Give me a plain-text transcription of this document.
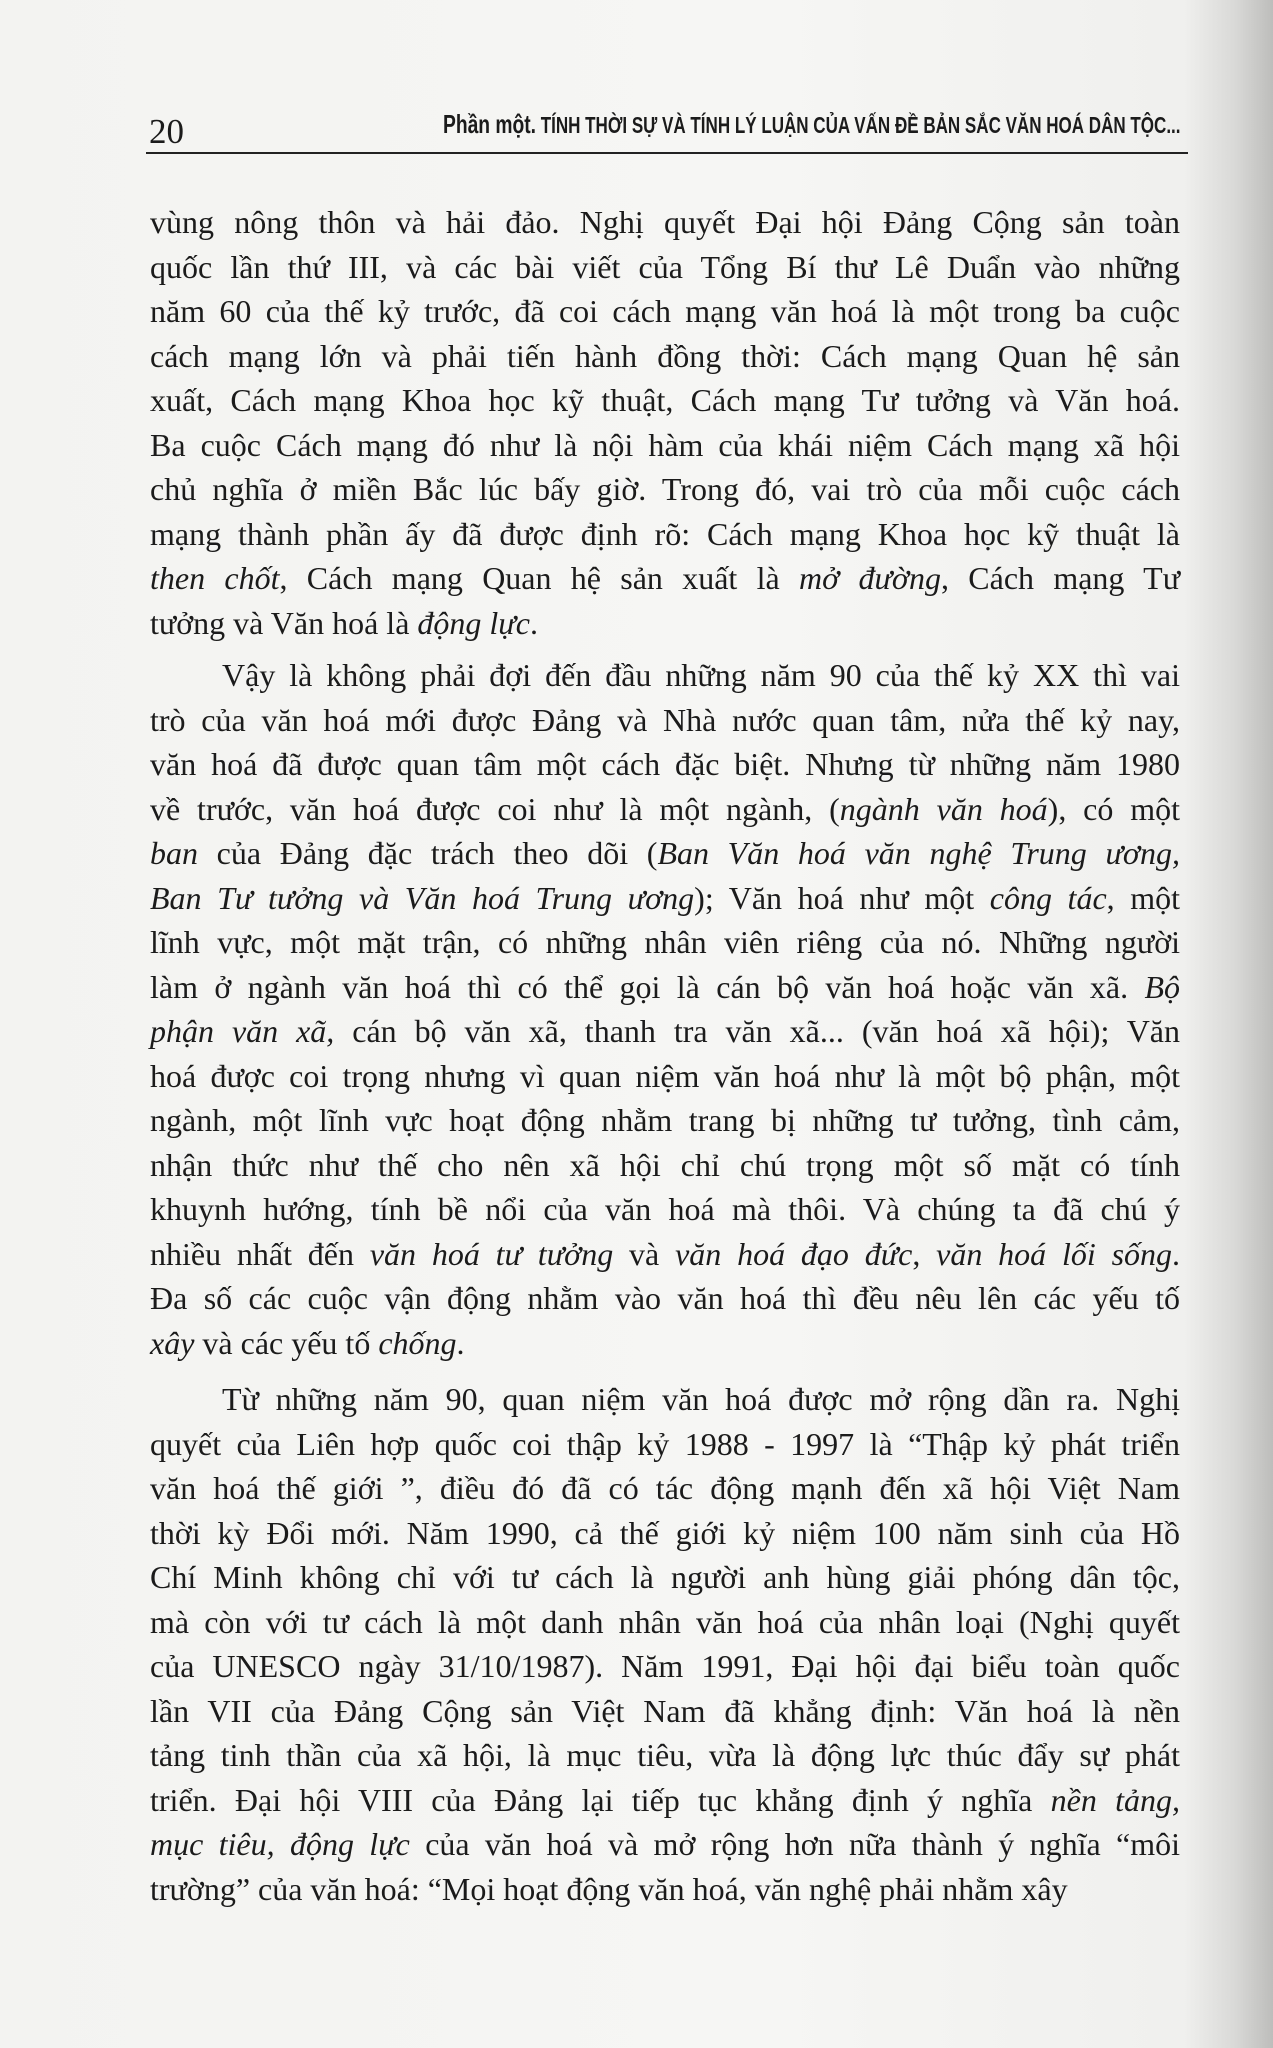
20	Phần một. TÍNH THỜI SỰ VÀ TÍNH LÝ LUẬN CỦA VẤN ĐỀ BẢN SẮC VĂN HOÁ DÂN TỘC...
vùng nông thôn và hải đảo. Nghị quyết Đại hội Đảng Cộng sản toàn
quốc lần thứ III, và các bài viết của Tổng Bí thư Lê Duẩn vào những
năm 60 của thế kỷ trước, đã coi cách mạng văn hoá là một trong ba cuộc
cách mạng lớn và phải tiến hành đồng thời: Cách mạng Quan hệ sản
xuất, Cách mạng Khoa học kỹ thuật, Cách mạng Tư tưởng và Văn hoá.
Ba cuộc Cách mạng đó như là nội hàm của khái niệm Cách mạng xã hội
chủ nghĩa ở miền Bắc lúc bấy giờ. Trong đó, vai trò của mỗi cuộc cách
mạng thành phần ấy đã được định rõ: Cách mạng Khoa học kỹ thuật là
then chốt, Cách mạng Quan hệ sản xuất là mở đường, Cách mạng Tư
tưởng và Văn hoá là động lực.
Vậy là không phải đợi đến đầu những năm 90 của thế kỷ XX thì vai
trò của văn hoá mới được Đảng và Nhà nước quan tâm, nửa thế kỷ nay,
văn hoá đã được quan tâm một cách đặc biệt. Nhưng từ những năm 1980
về trước, văn hoá được coi như là một ngành, (ngành văn hoá), có một
ban của Đảng đặc trách theo dõi (Ban Văn hoá văn nghệ Trung ương,
Ban Tư tưởng và Văn hoá Trung ương); Văn hoá như một công tác, một
lĩnh vực, một mặt trận, có những nhân viên riêng của nó. Những người
làm ở ngành văn hoá thì có thể gọi là cán bộ văn hoá hoặc văn xã. Bộ
phận văn xã, cán bộ văn xã, thanh tra văn xã... (văn hoá xã hội); Văn
hoá được coi trọng nhưng vì quan niệm văn hoá như là một bộ phận, một
ngành, một lĩnh vực hoạt động nhằm trang bị những tư tưởng, tình cảm,
nhận thức như thế cho nên xã hội chỉ chú trọng một số mặt có tính
khuynh hướng, tính bề nổi của văn hoá mà thôi. Và chúng ta đã chú ý
nhiều nhất đến văn hoá tư tưởng và văn hoá đạo đức, văn hoá lối sống.
Đa số các cuộc vận động nhằm vào văn hoá thì đều nêu lên các yếu tố
xây và các yếu tố chống.
Từ những năm 90, quan niệm văn hoá được mở rộng dần ra. Nghị
quyết của Liên hợp quốc coi thập kỷ 1988 - 1997 là “Thập kỷ phát triển
văn hoá thế giới ”, điều đó đã có tác động mạnh đến xã hội Việt Nam
thời kỳ Đổi mới. Năm 1990, cả thế giới kỷ niệm 100 năm sinh của Hồ
Chí Minh không chỉ với tư cách là người anh hùng giải phóng dân tộc,
mà còn với tư cách là một danh nhân văn hoá của nhân loại (Nghị quyết
của UNESCO ngày 31/10/1987). Năm 1991, Đại hội đại biểu toàn quốc
lần VII của Đảng Cộng sản Việt Nam đã khẳng định: Văn hoá là nền
tảng tinh thần của xã hội, là mục tiêu, vừa là động lực thúc đẩy sự phát
triển. Đại hội VIII của Đảng lại tiếp tục khẳng định ý nghĩa nền tảng,
mục tiêu, động lực của văn hoá và mở rộng hơn nữa thành ý nghĩa “môi
trường” của văn hoá: “Mọi hoạt động văn hoá, văn nghệ phải nhằm xây
